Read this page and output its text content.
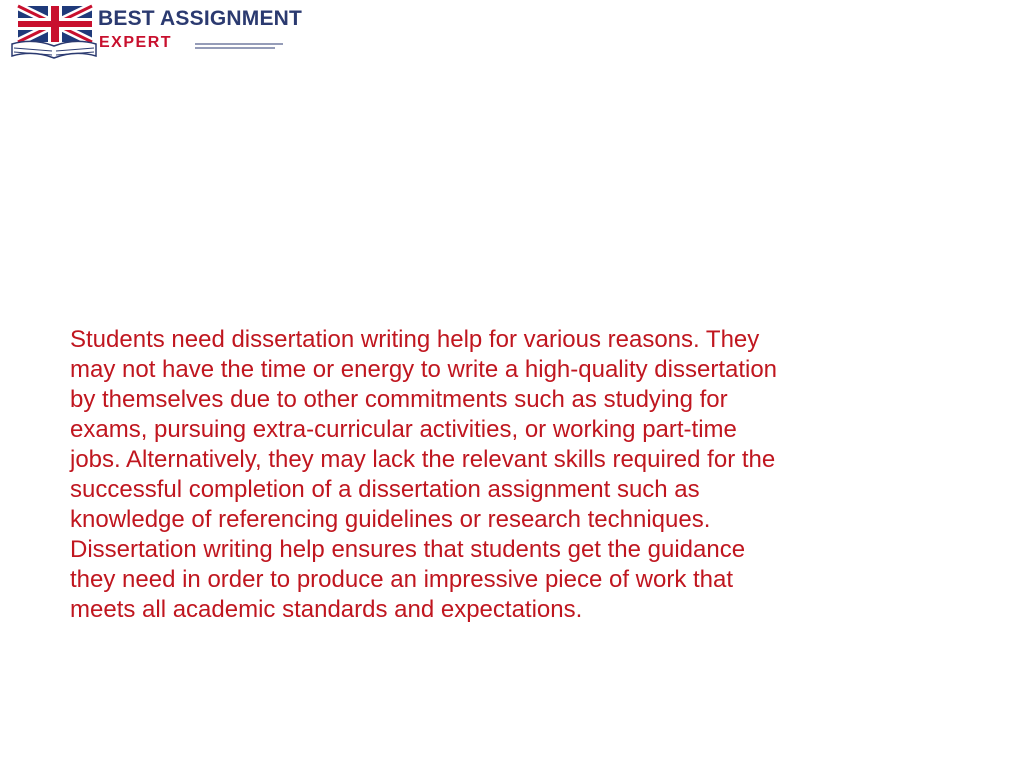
BEST ASSIGNMENT
EXPERT

Students need dissertation writing help for various reasons. They
may not have the time or energy to write a high-quality dissertation
by themselves due to other commitments such as studying for
exams, pursuing extra-curricular activities, or working part-time
jobs. Alternatively, they may lack the relevant skills required for the
successful completion of a dissertation assignment such as
knowledge of referencing guidelines or research techniques.
Dissertation writing help ensures that students get the guidance
they need in order to produce an impressive piece of work that
meets all academic standards and expectations.
